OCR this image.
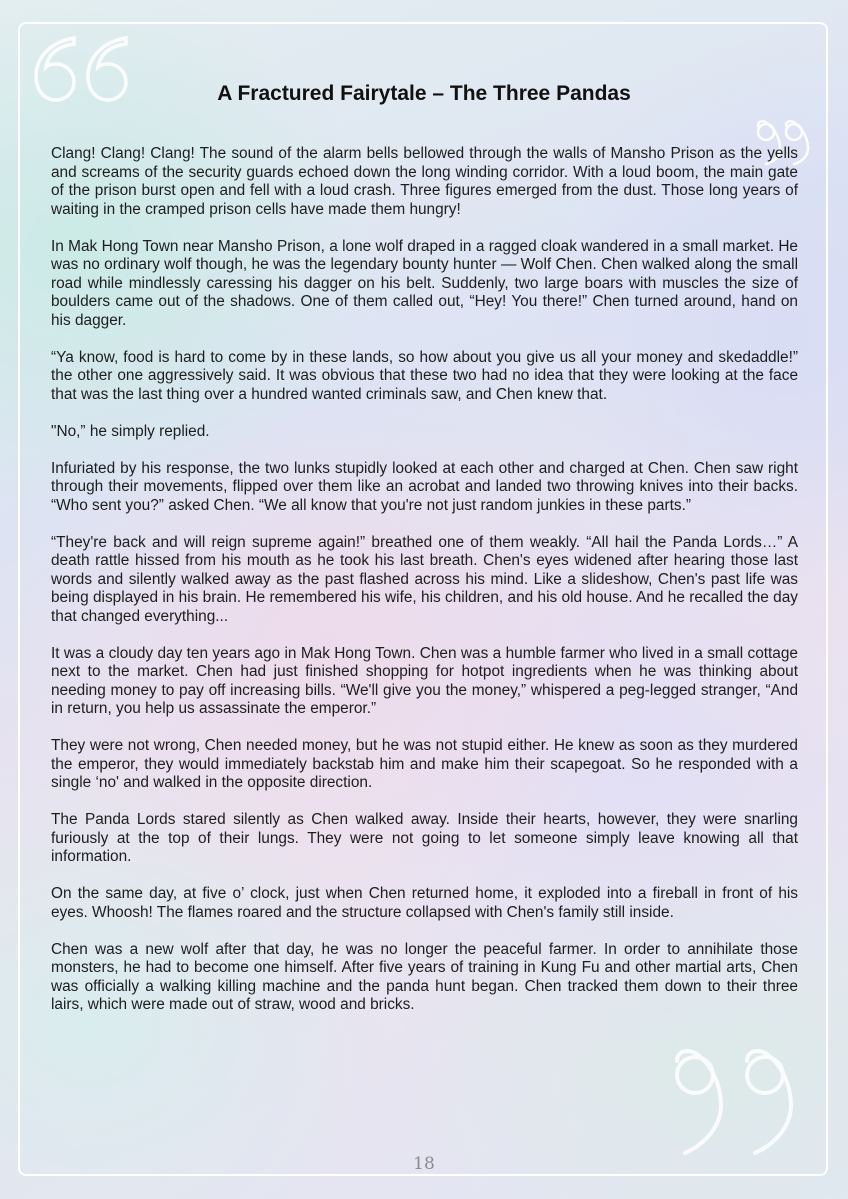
A Fractured Fairytale – The Three Pandas

Clang! Clang! Clang! The sound of the alarm bells bellowed through the walls of Mansho Prison as the yells and screams of the security guards echoed down the long winding corridor. With a loud boom, the main gate of the prison burst open and fell with a loud crash. Three figures emerged from the dust. Those long years of waiting in the cramped prison cells have made them hungry!

In Mak Hong Town near Mansho Prison, a lone wolf draped in a ragged cloak wandered in a small market. He was no ordinary wolf though, he was the legendary bounty hunter — Wolf Chen. Chen walked along the small road while mindlessly caressing his dagger on his belt. Suddenly, two large boars with muscles the size of boulders came out of the shadows. One of them called out, “Hey! You there!” Chen turned around, hand on his dagger.

“Ya know, food is hard to come by in these lands, so how about you give us all your money and skedaddle!” the other one aggressively said. It was obvious that these two had no idea that they were looking at the face that was the last thing over a hundred wanted criminals saw, and Chen knew that.

"No,” he simply replied.

Infuriated by his response, the two lunks stupidly looked at each other and charged at Chen. Chen saw right through their movements, flipped over them like an acrobat and landed two throwing knives into their backs. “Who sent you?” asked Chen. “We all know that you're not just random junkies in these parts.”

“They're back and will reign supreme again!” breathed one of them weakly. “All hail the Panda Lords…” A death rattle hissed from his mouth as he took his last breath. Chen's eyes widened after hearing those last words and silently walked away as the past flashed across his mind. Like a slideshow, Chen's past life was being displayed in his brain. He remembered his wife, his children, and his old house. And he recalled the day that changed everything...

It was a cloudy day ten years ago in Mak Hong Town. Chen was a humble farmer who lived in a small cottage next to the market. Chen had just finished shopping for hotpot ingredients when he was thinking about needing money to pay off increasing bills. “We'll give you the money,” whispered a peg-legged stranger, “And in return, you help us assassinate the emperor.”

They were not wrong, Chen needed money, but he was not stupid either. He knew as soon as they murdered the emperor, they would immediately backstab him and make him their scapegoat. So he responded with a single ‘no' and walked in the opposite direction.

The Panda Lords stared silently as Chen walked away. Inside their hearts, however, they were snarling furiously at the top of their lungs. They were not going to let someone simply leave knowing all that information.

On the same day, at five o’ clock, just when Chen returned home, it exploded into a fireball in front of his eyes. Whoosh! The flames roared and the structure collapsed with Chen's family still inside.

Chen was a new wolf after that day, he was no longer the peaceful farmer. In order to annihilate those monsters, he had to become one himself. After five years of training in Kung Fu and other martial arts, Chen was officially a walking killing machine and the panda hunt began. Chen tracked them down to their three lairs, which were made out of straw, wood and bricks.

18
